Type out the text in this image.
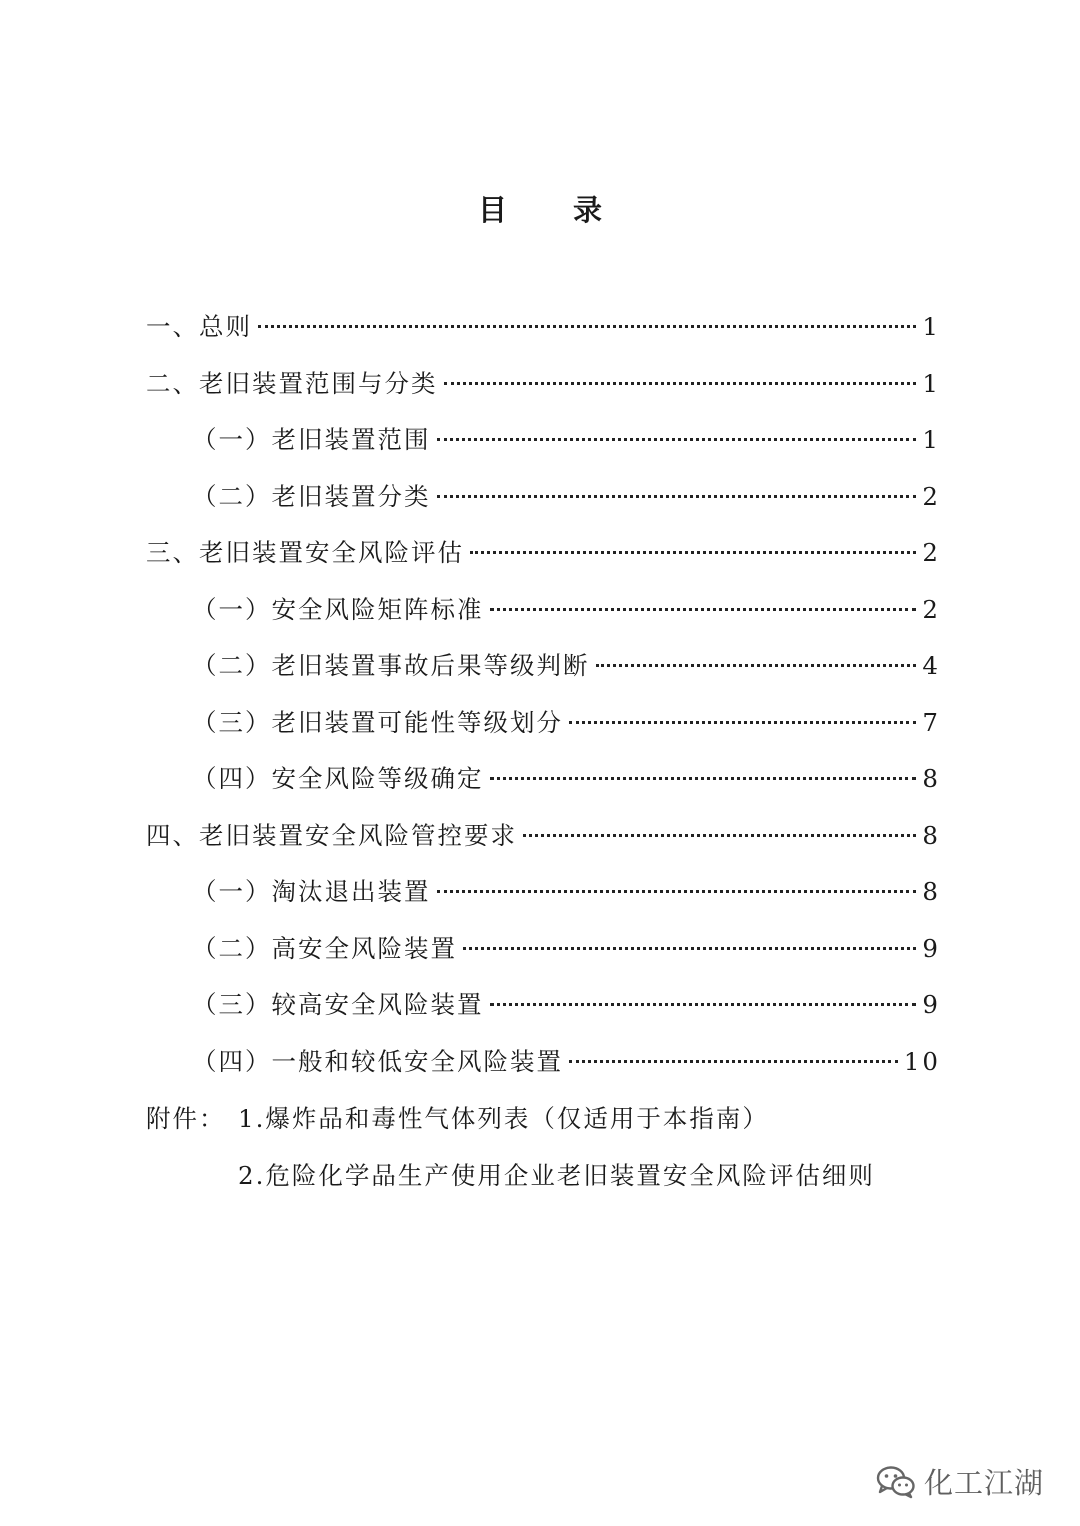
目 录
一、总则	1
二、老旧装置范围与分类	1
（一）老旧装置范围	1
（二）老旧装置分类	2
三、老旧装置安全风险评估	2
（一）安全风险矩阵标准	2
（二）老旧装置事故后果等级判断	4
（三）老旧装置可能性等级划分	7
（四）安全风险等级确定	8
四、老旧装置安全风险管控要求	8
（一）淘汰退出装置	8
（二）高安全风险装置	9
（三）较高安全风险装置	9
（四）一般和较低安全风险装置	10
附件： 1.爆炸品和毒性气体列表（仅适用于本指南）
2.危险化学品生产使用企业老旧装置安全风险评估细则
化工江湖
